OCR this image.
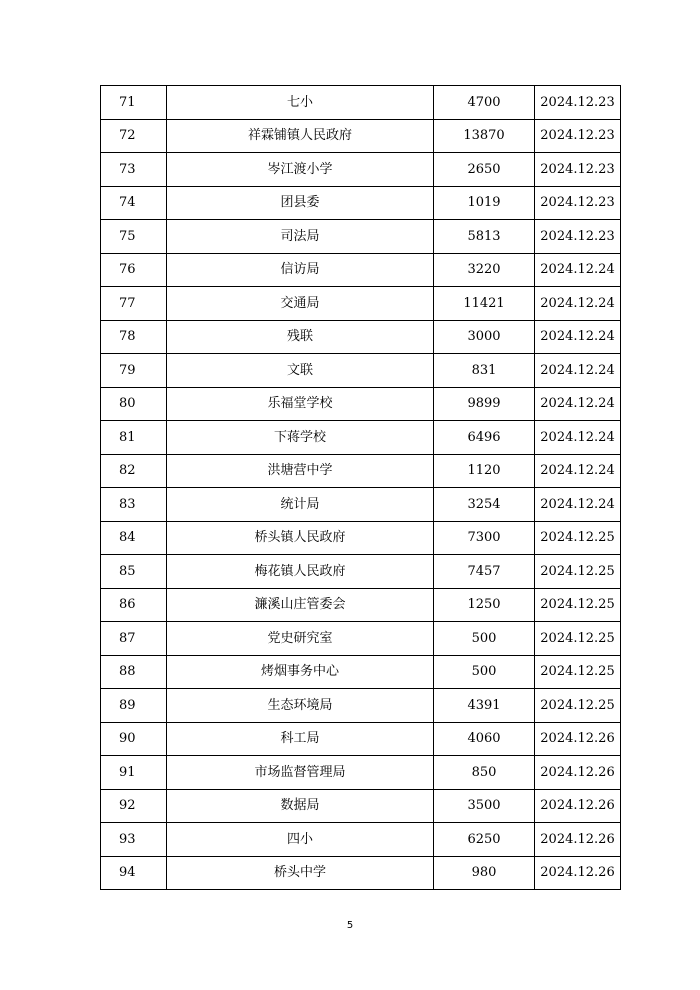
71	七小	4700	2024.12.23
72	祥霖铺镇人民政府	13870	2024.12.23
73	岑江渡小学	2650	2024.12.23
74	团县委	1019	2024.12.23
75	司法局	5813	2024.12.23
76	信访局	3220	2024.12.24
77	交通局	11421	2024.12.24
78	残联	3000	2024.12.24
79	文联	831	2024.12.24
80	乐福堂学校	9899	2024.12.24
81	下蒋学校	6496	2024.12.24
82	洪塘营中学	1120	2024.12.24
83	统计局	3254	2024.12.24
84	桥头镇人民政府	7300	2024.12.25
85	梅花镇人民政府	7457	2024.12.25
86	濂溪山庄管委会	1250	2024.12.25
87	党史研究室	500	2024.12.25
88	烤烟事务中心	500	2024.12.25
89	生态环境局	4391	2024.12.25
90	科工局	4060	2024.12.26
91	市场监督管理局	850	2024.12.26
92	数据局	3500	2024.12.26
93	四小	6250	2024.12.26
94	桥头中学	980	2024.12.26
5
